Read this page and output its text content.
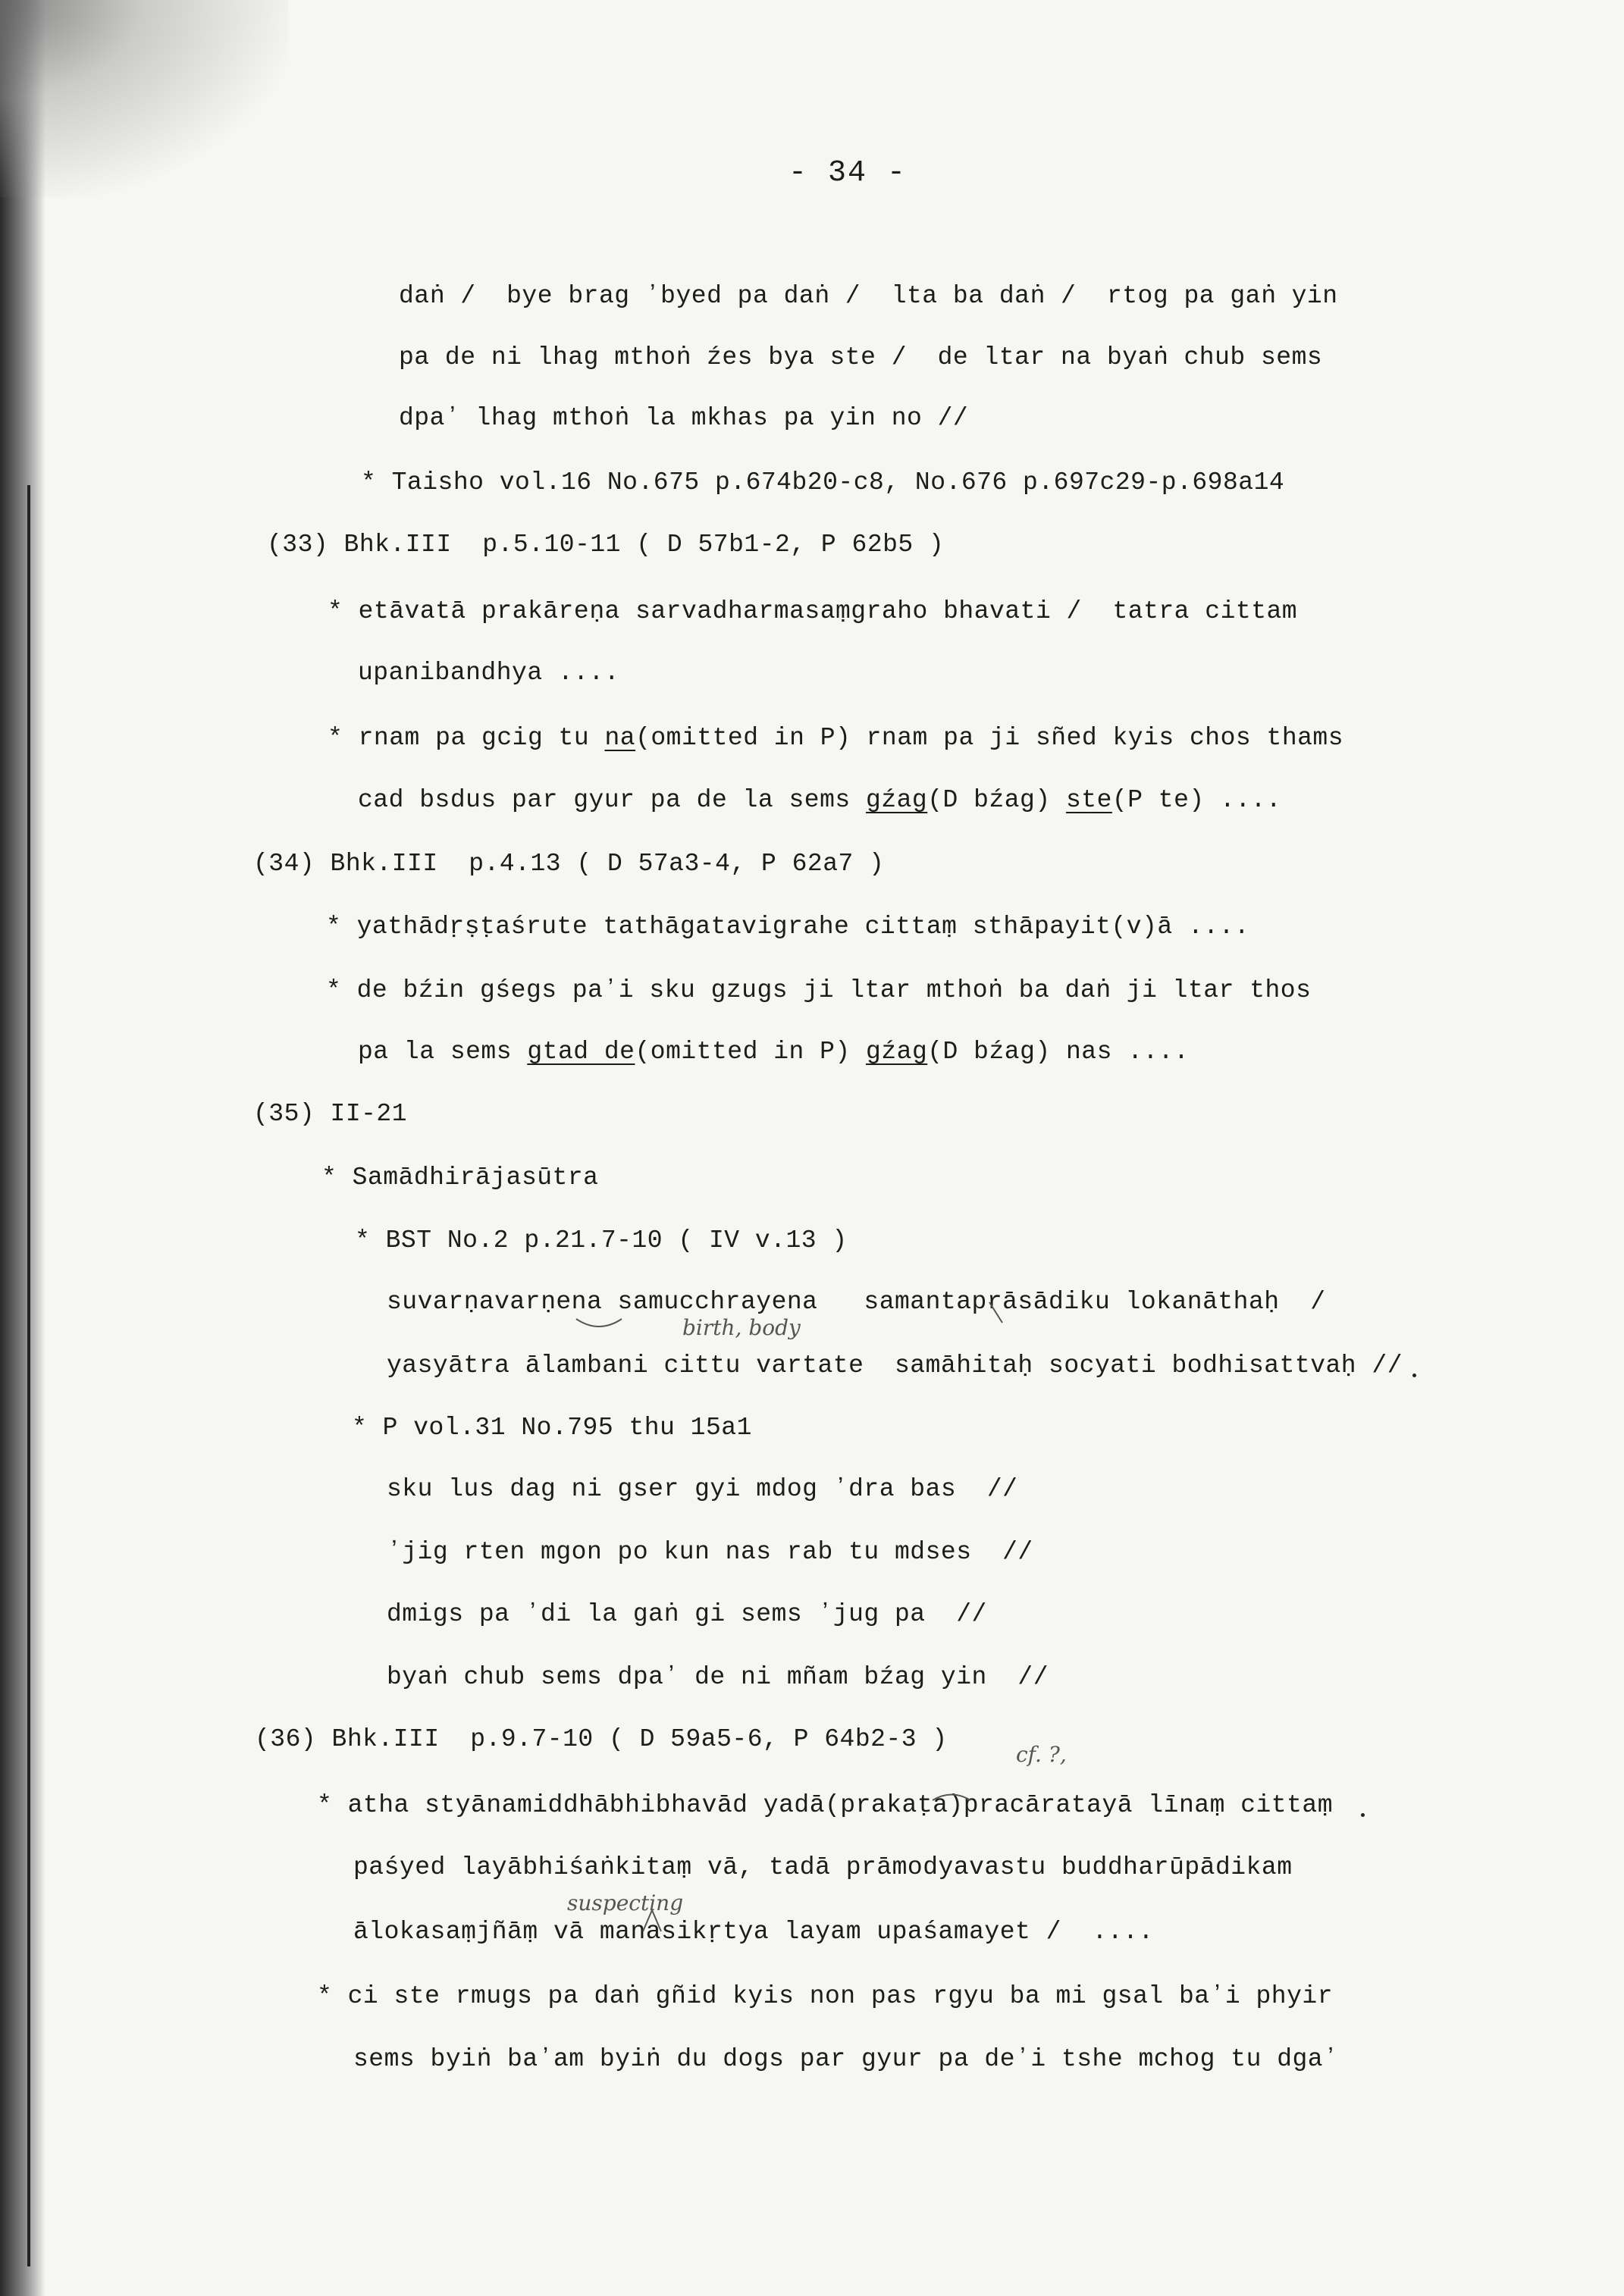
- 34 -
daṅ /  bye brag ʼbyed pa daṅ /  lta ba daṅ /  rtog pa gaṅ yin
pa de ni lhag mthoṅ źes bya ste /  de ltar na byaṅ chub sems
dpaʼ lhag mthoṅ la mkhas pa yin no //
* Taisho vol.16 No.675 p.674b20-c8, No.676 p.697c29-p.698a14
(33) Bhk.III  p.5.10-11 ( D 57b1-2, P 62b5 )
* etāvatā prakāreṇa sarvadharmasaṃgraho bhavati /  tatra cittam
upanibandhya ....
* rnam pa gcig tu na(omitted in P) rnam pa ji sñed kyis chos thams
cad bsdus par gyur pa de la sems gźag(D bźag) ste(P te) ....
(34) Bhk.III  p.4.13 ( D 57a3-4, P 62a7 )
* yathādṛṣṭaśrute tathāgatavigrahe cittaṃ sthāpayit(v)ā ....
* de bźin gśegs paʼi sku gzugs ji ltar mthoṅ ba daṅ ji ltar thos
pa la sems gtad de(omitted in P) gźag(D bźag) nas ....
(35) II-21
* Samādhirājasūtra
* BST No.2 p.21.7-10 ( IV v.13 )
suvarṇavarṇena samucchrayena   samantaprāsādiku lokanāthaḥ  /
yasyātra ālambani cittu vartate  samāhitaḥ socyati bodhisattvaḥ //
* P vol.31 No.795 thu 15a1
sku lus dag ni gser gyi mdog ʼdra bas  //
ʼjig rten mgon po kun nas rab tu mdses  //
dmigs pa ʼdi la gaṅ gi sems ʼjug pa  //
byaṅ chub sems dpaʼ de ni mñam bźag yin  //
(36) Bhk.III  p.9.7-10 ( D 59a5-6, P 64b2-3 )
* atha styānamiddhābhibhavād yadā(prakaṭa)pracāratayā līnaṃ cittaṃ
paśyed layābhiśaṅkitaṃ vā, tadā prāmodyavastu buddharūpādikam
ālokasaṃjñāṃ vā manasikṛtya layam upaśamayet /  ....
* ci ste rmugs pa daṅ gñid kyis non pas rgyu ba mi gsal baʼi phyir
sems byiṅ baʼam byiṅ du dogs par gyur pa deʼi tshe mchog tu dgaʼ
birth, body
suspecting
cf. ?,
